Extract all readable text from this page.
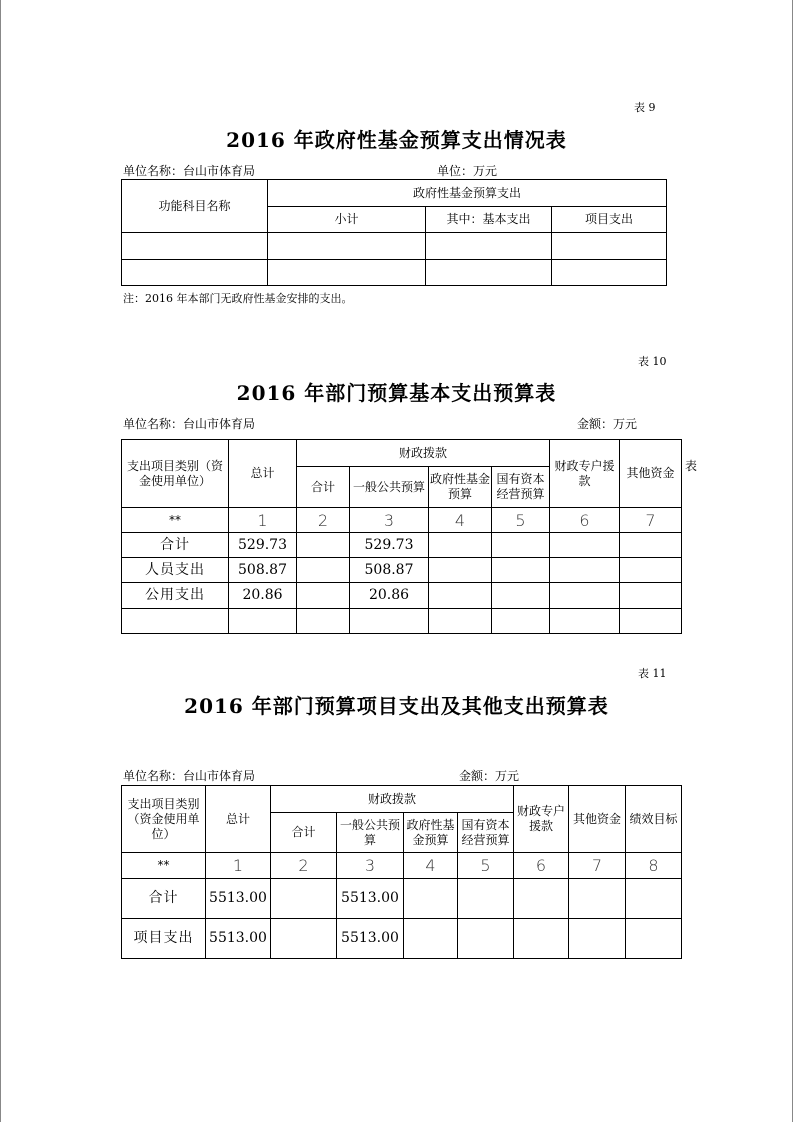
表 9
2016 年政府性基金预算支出情况表
单位名称：台山市体育局	单位：万元
功能科目名称	政府性基金预算支出		
	小计	其中：基本支出	项目支出

注：2016 年本部门无政府性基金安排的支出。
表 10
2016 年部门预算基本支出预算表
单位名称：台山市体育局	金额：万元
表
支出项目类别（资金使用单位）	总计	财政拨款				财政专户援款	其他资金
		合计	一般公共预算	政府性基金预算	国有资本经营预算		
**	1	2	3	4	5	6	7
合计	529.73		529.73				
人员支出	508.87		508.87				
公用支出	20.86		20.86				

表 11
2016 年部门预算项目支出及其他支出预算表
单位名称：台山市体育局	金额：万元
支出项目类别（资金使用单位）	总计	财政拨款				财政专户援款	其他资金	绩效目标
		合计	一般公共预算	政府性基金预算	国有资本经营预算			
**	1	2	3	4	5	6	7	8
合计	5513.00		5513.00					
项目支出	5513.00		5513.00					
